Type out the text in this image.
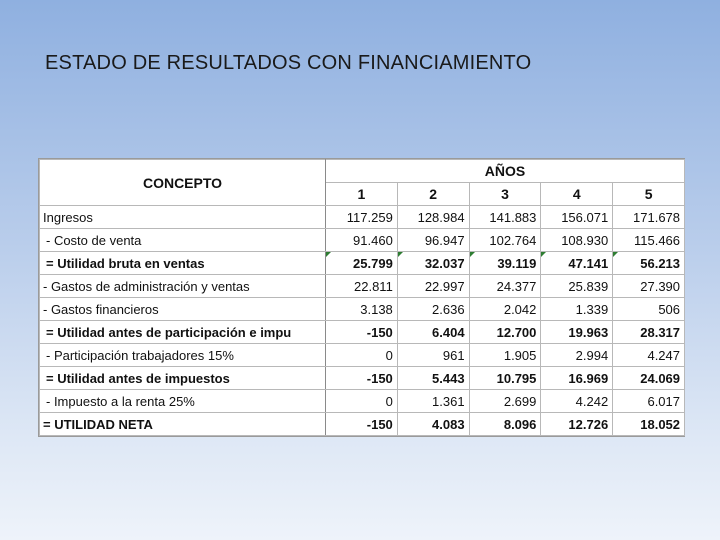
ESTADO DE RESULTADOS CON FINANCIAMIENTO
CONCEPTO	AÑOS				
	1	2	3	4	5
Ingresos	117.259	128.984	141.883	156.071	171.678
- Costo de venta	91.460	96.947	102.764	108.930	115.466
= Utilidad bruta en ventas	25.799	32.037	39.119	47.141	56.213
- Gastos de administración y ventas	22.811	22.997	24.377	25.839	27.390
- Gastos financieros	3.138	2.636	2.042	1.339	506
= Utilidad antes de participación e impu	-150	6.404	12.700	19.963	28.317
- Participación trabajadores 15%	0	961	1.905	2.994	4.247
= Utilidad antes de impuestos	-150	5.443	10.795	16.969	24.069
- Impuesto a la renta 25%	0	1.361	2.699	4.242	6.017
= UTILIDAD NETA	-150	4.083	8.096	12.726	18.052
